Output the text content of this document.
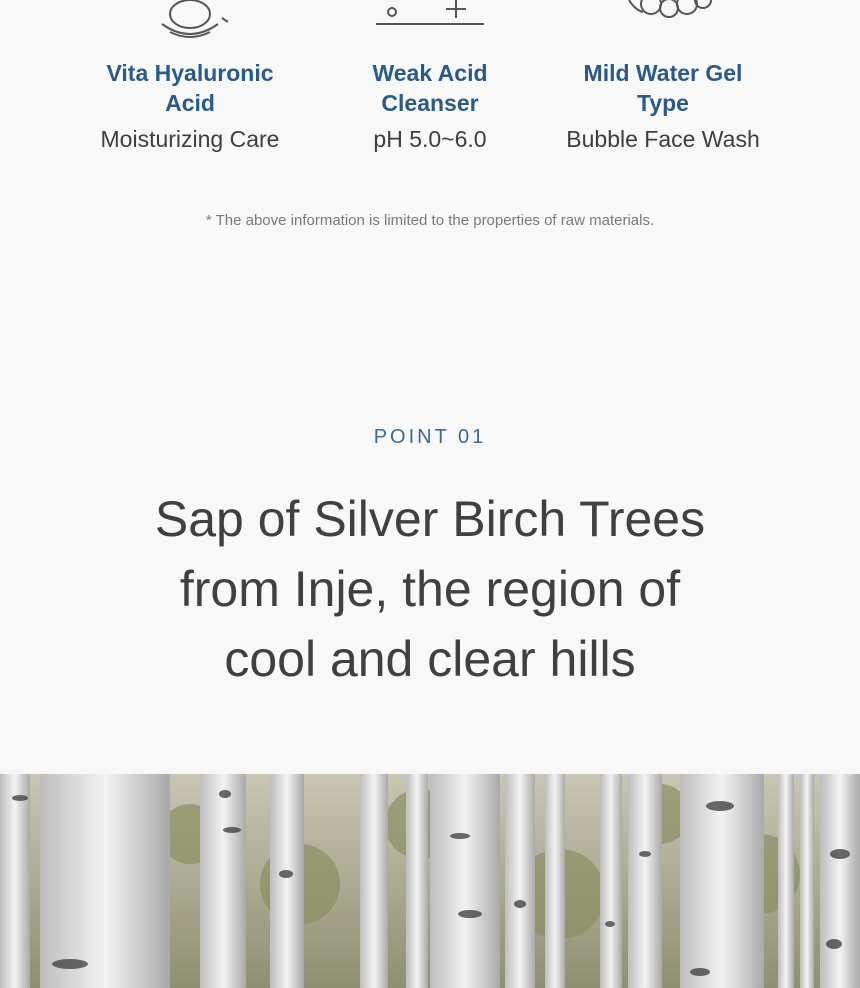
Vita Hyaluronic
Acid
Moisturizing Care
Weak Acid
Cleanser
pH 5.0~6.0
Mild Water Gel
Type
Bubble Face Wash
* The above information is limited to the properties of raw materials.
POINT 01
Sap of Silver Birch Trees
from Inje, the region of
cool and clear hills
